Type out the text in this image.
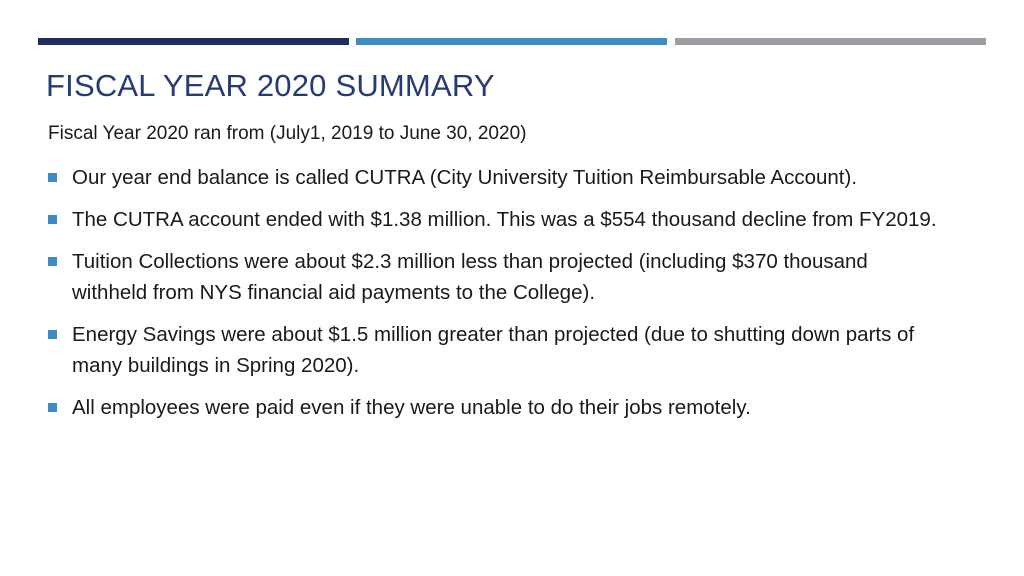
FISCAL YEAR 2020 SUMMARY

Fiscal Year 2020 ran from (July1, 2019 to June 30, 2020)

Our year end balance is called CUTRA (City University Tuition Reimbursable Account).
The CUTRA account ended with $1.38 million. This was a $554 thousand decline from FY2019.
Tuition Collections were about $2.3 million less than projected (including $370 thousand withheld from NYS financial aid payments to the College).
Energy Savings were about $1.5 million greater than projected (due to shutting down parts of many buildings in Spring 2020).
All employees were paid even if they were unable to do their jobs remotely.
